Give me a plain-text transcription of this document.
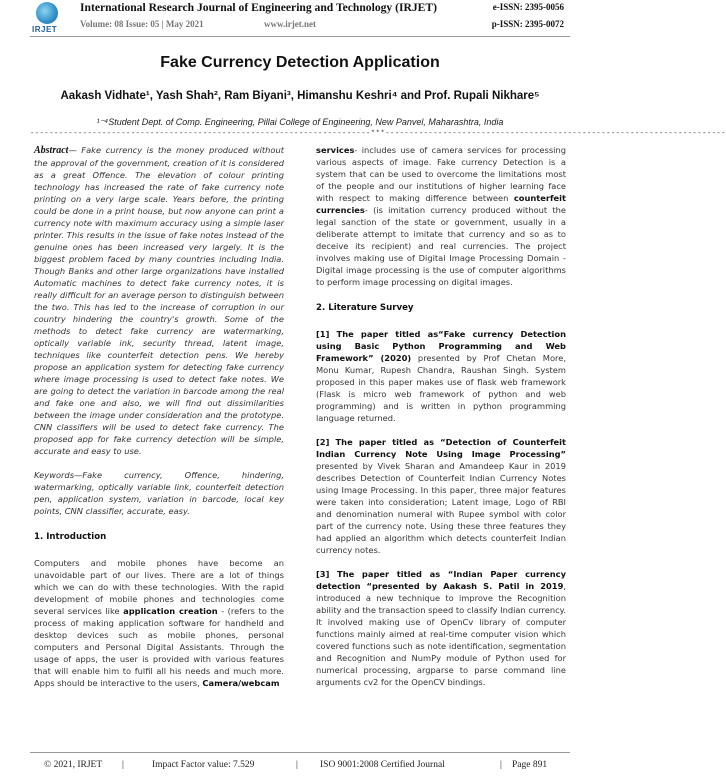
IRJET
International Research Journal of Engineering and Technology (IRJET)
Volume: 08 Issue: 05 | May 2021	www.irjet.net
e-ISSN: 2395-0056
p-ISSN: 2395-0072
Fake Currency Detection Application
Aakash Vidhate¹, Yash Shah², Ram Biyani³, Himanshu Keshri⁴ and Prof. Rupali Nikhare⁵
¹⁻⁴Student Dept. of Comp. Engineering, Pillai College of Engineering, New Panvel, Maharashtra, India
-----------------------------------------------------------------------***-----------------------------------------------------------------------

Abstract— Fake currency is the money produced without the approval of the government, creation of it is considered as a great Offence. The elevation of colour printing technology has increased the rate of fake currency note printing on a very large scale. Years before, the printing could be done in a print house, but now anyone can print a currency note with maximum accuracy using a simple laser printer. This results in the issue of fake notes instead of the genuine ones has been increased very largely. It is the biggest problem faced by many countries including India. Though Banks and other large organizations have installed Automatic machines to detect fake currency notes, it is really difficult for an average person to distinguish between the two. This has led to the increase of corruption in our country hindering the country's growth. Some of the methods to detect fake currency are watermarking, optically variable ink, security thread, latent image, techniques like counterfeit detection pens. We hereby propose an application system for detecting fake currency where image processing is used to detect fake notes. We are going to detect the variation in barcode among the real and fake one and also, we will find out dissimilarities between the image under consideration and the prototype. CNN classifiers will be used to detect fake currency. The proposed app for fake currency detection will be simple, accurate and easy to use.

Keywords—Fake currency, Offence, hindering, watermarking, optically variable link, counterfeit detection pen, application system, variation in barcode, local key points, CNN classifier, accurate, easy.

1. Introduction

Computers and mobile phones have become an unavoidable part of our lives. There are a lot of things which we can do with these technologies. With the rapid development of mobile phones and technologies come several services like application creation - (refers to the process of making application software for handheld and desktop devices such as mobile phones, personal computers and Personal Digital Assistants. Through the usage of apps, the user is provided with various features that will enable him to fulfil all his needs and much more. Apps should be interactive to the users, Camera/webcam

services- includes use of camera services for processing various aspects of image. Fake currency Detection is a system that can be used to overcome the limitations most of the people and our institutions of higher learning face with respect to making difference between counterfeit currencies- (is imitation currency produced without the legal sanction of the state or government, usually in a deliberate attempt to imitate that currency and so as to deceive its recipient) and real currencies. The project involves making use of Digital Image Processing Domain - Digital image processing is the use of computer algorithms to perform image processing on digital images.

2. Literature Survey

[1] The paper titled as“Fake currency Detection using Basic Python Programming and Web Framework” (2020) presented by Prof Chetan More, Monu Kumar, Rupesh Chandra, Raushan Singh. System proposed in this paper makes use of flask web framework (Flask is micro web framework of python and web programming) and is written in python programming language returned.

[2] The paper titled as “Detection of Counterfeit Indian Currency Note Using Image Processing” presented by Vivek Sharan and Amandeep Kaur in 2019 describes Detection of Counterfeit Indian Currency Notes using Image Processing. In this paper, three major features were taken into consideration; Latent image, Logo of RBI and denomination numeral with Rupee symbol with color part of the currency note. Using these three features they had applied an algorithm which detects counterfeit Indian currency notes.

[3] The paper titled as “Indian Paper currency detection “presented by Aakash S. Patil in 2019, introduced a new technique to improve the Recognition ability and the transaction speed to classify Indian currency. It involved making use of OpenCv library of computer functions mainly aimed at real-time computer vision which covered functions such as note identification, segmentation and Recognition and NumPy module of Python used for numerical processing, argparse to parse command line arguments cv2 for the OpenCV bindings.

© 2021, IRJET |	Impact Factor value: 7.529	| ISO 9001:2008 Certified Journal	| Page 891
